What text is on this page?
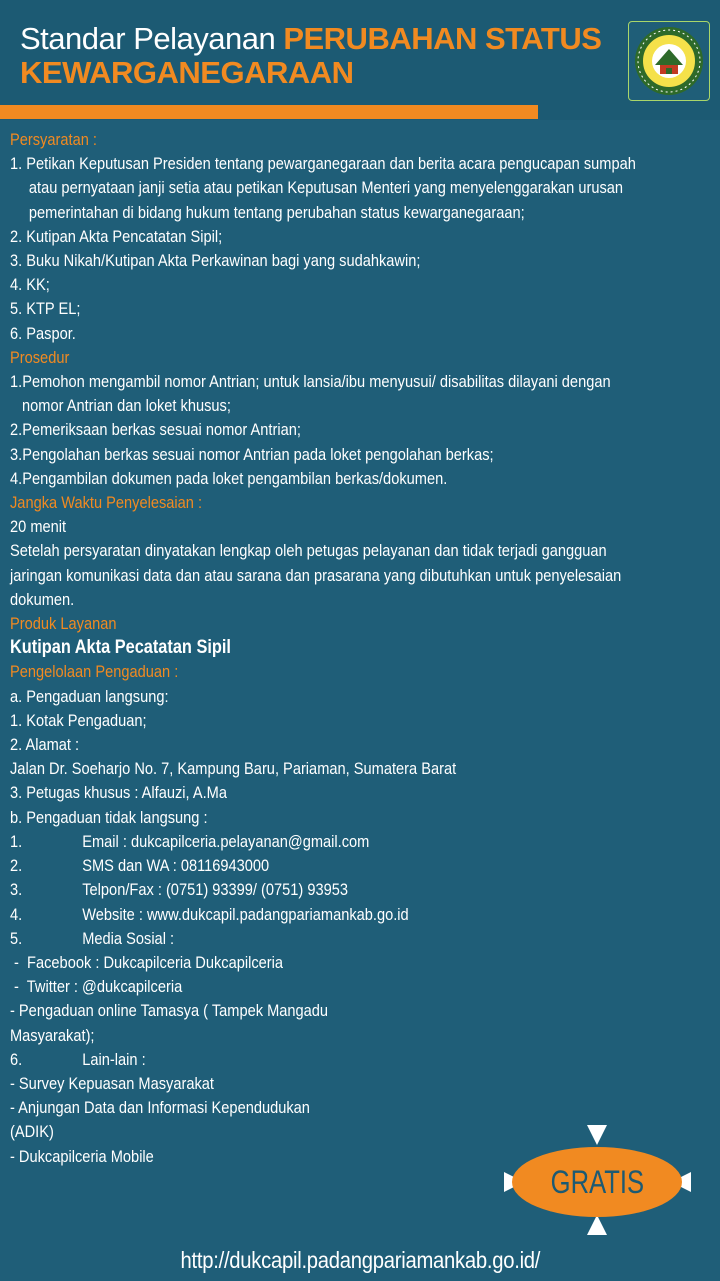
Standar Pelayanan PERUBAHAN STATUS
KEWARGANEGARAAN
Persyaratan :
1. Petikan Keputusan Presiden tentang pewarganegaraan dan berita acara pengucapan sumpah
atau pernyataan janji setia atau petikan Keputusan Menteri yang menyelenggarakan urusan
pemerintahan di bidang hukum tentang perubahan status kewarganegaraan;
2. Kutipan Akta Pencatatan Sipil;
3. Buku Nikah/Kutipan Akta Perkawinan bagi yang sudahkawin;
4. KK;
5. KTP EL;
6. Paspor.
Prosedur
1.Pemohon mengambil nomor Antrian; untuk lansia/ibu menyusui/ disabilitas dilayani dengan
nomor Antrian dan loket khusus;
2.Pemeriksaan berkas sesuai nomor Antrian;
3.Pengolahan berkas sesuai nomor Antrian pada loket pengolahan berkas;
4.Pengambilan dokumen pada loket pengambilan berkas/dokumen.
Jangka Waktu Penyelesaian :
20 menit
Setelah persyaratan dinyatakan lengkap oleh petugas pelayanan dan tidak terjadi gangguan
jaringan komunikasi data dan atau sarana dan prasarana yang dibutuhkan untuk penyelesaian
dokumen.
Produk Layanan
Kutipan Akta Pecatatan Sipil
Pengelolaan Pengaduan :
a. Pengaduan langsung:
1. Kotak Pengaduan;
2. Alamat :
Jalan Dr. Soeharjo No. 7, Kampung Baru, Pariaman, Sumatera Barat
3. Petugas khusus : Alfauzi, A.Ma
b. Pengaduan tidak langsung :
1.	Email : dukcapilceria.pelayanan@gmail.com
2.	SMS dan WA : 08116943000
3.	Telpon/Fax : (0751) 93399/ (0751) 93953
4.	Website : www.dukcapil.padangpariamankab.go.id
5.	Media Sosial :
-  Facebook : Dukcapilceria Dukcapilceria
-  Twitter : @dukcapilceria
- Pengaduan online Tamasya ( Tampek Mangadu
Masyarakat);
6.	Lain-lain :
- Survey Kepuasan Masyarakat
- Anjungan Data dan Informasi Kependudukan
(ADIK)
- Dukcapilceria Mobile
GRATIS
http://dukcapil.padangpariamankab.go.id/
